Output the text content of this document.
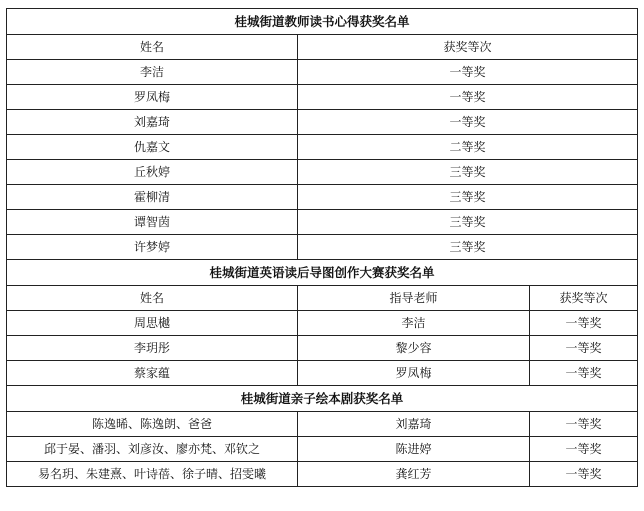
桂城街道教师读书心得获奖名单		
姓名	获奖等次	
李洁	一等奖	
罗凤梅	一等奖	
刘嘉琦	一等奖	
仇嘉文	二等奖	
丘秋婷	三等奖	
霍柳清	三等奖	
谭智茵	三等奖	
许梦婷	三等奖	
桂城街道英语读后导图创作大赛获奖名单		
姓名	指导老师	获奖等次
周思樾	李洁	一等奖
李玥彤	黎少容	一等奖
蔡家蕴	罗凤梅	一等奖
桂城街道亲子绘本剧获奖名单		
陈逸晞、陈逸朗、爸爸	刘嘉琦	一等奖
邱于晏、潘羽、刘彦汝、廖亦梵、邓钦之	陈进婷	一等奖
易名玥、朱建熹、叶诗蓓、徐子晴、招雯曦	龚红芳	一等奖
